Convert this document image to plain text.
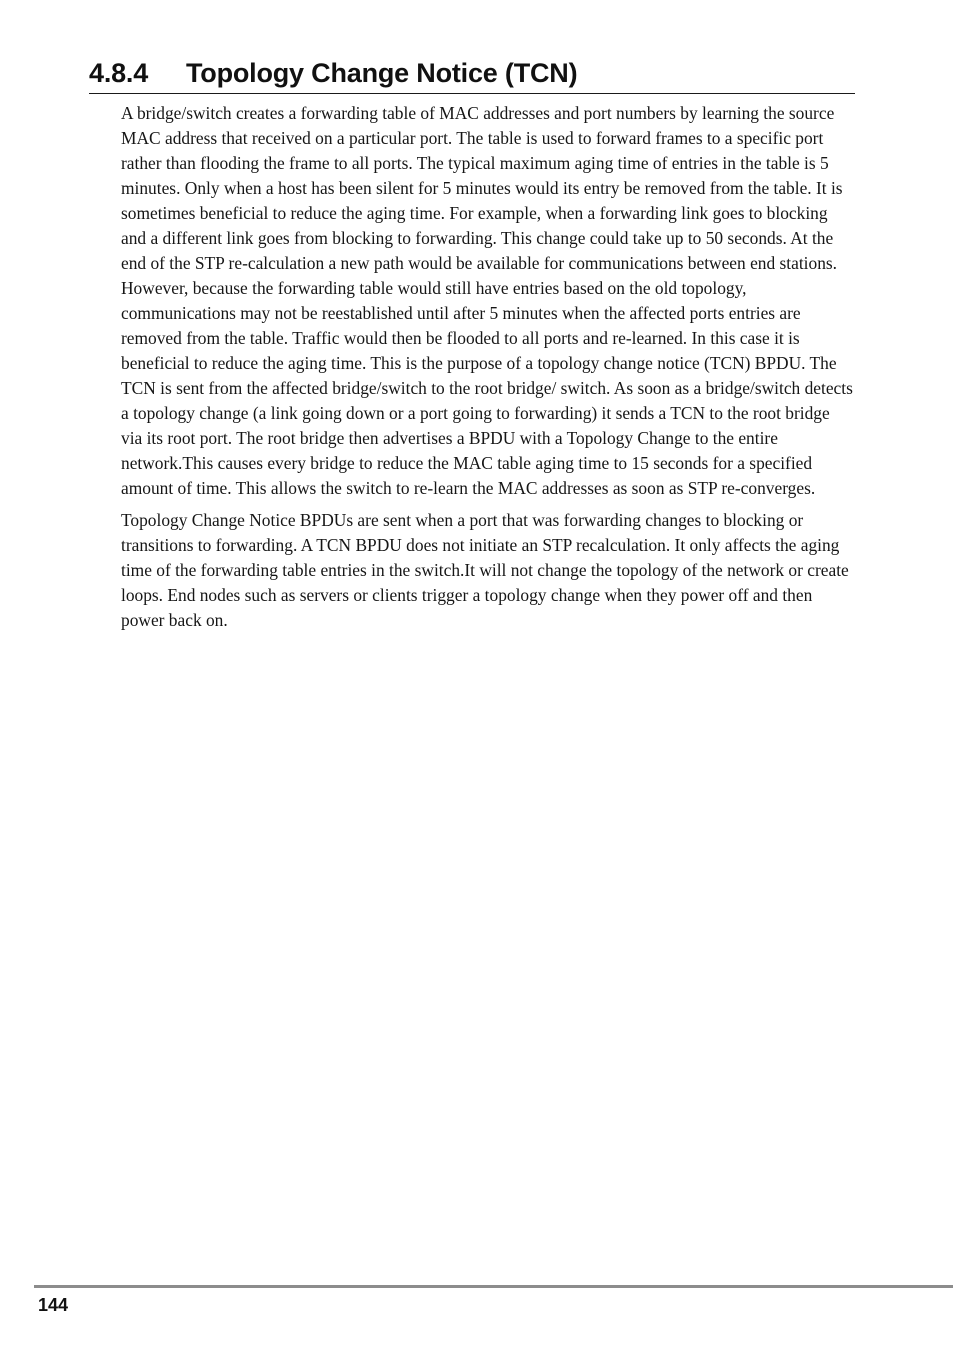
4.8.4 Topology Change Notice (TCN)

A bridge/switch creates a forwarding table of MAC addresses and port numbers by learning the source MAC address that received on a particular port. The table is used to forward frames to a specific port rather than flooding the frame to all ports. The typical maximum aging time of entries in the table is 5 minutes. Only when a host has been silent for 5 minutes would its entry be removed from the table. It is sometimes beneficial to reduce the aging time. For example, when a forwarding link goes to blocking and a different link goes from blocking to forwarding. This change could take up to 50 seconds. At the end of the STP re-calculation a new path would be available for communications between end stations. However, because the forwarding table would still have entries based on the old topology, communications may not be reestablished until after 5 minutes when the affected ports entries are removed from the table. Traffic would then be flooded to all ports and re-learned. In this case it is beneficial to reduce the aging time. This is the purpose of a topology change notice (TCN) BPDU. The TCN is sent from the affected bridge/switch to the root bridge/ switch. As soon as a bridge/switch detects a topology change (a link going down or a port going to forwarding) it sends a TCN to the root bridge via its root port. The root bridge then advertises a BPDU with a Topology Change to the entire network.This causes every bridge to reduce the MAC table aging time to 15 seconds for a specified amount of time. This allows the switch to re-learn the MAC addresses as soon as STP re-converges.

Topology Change Notice BPDUs are sent when a port that was forwarding changes to blocking or transitions to forwarding. A TCN BPDU does not initiate an STP recalculation. It only affects the aging time of the forwarding table entries in the switch.It will not change the topology of the network or create loops. End nodes such as servers or clients trigger a topology change when they power off and then power back on.

144
